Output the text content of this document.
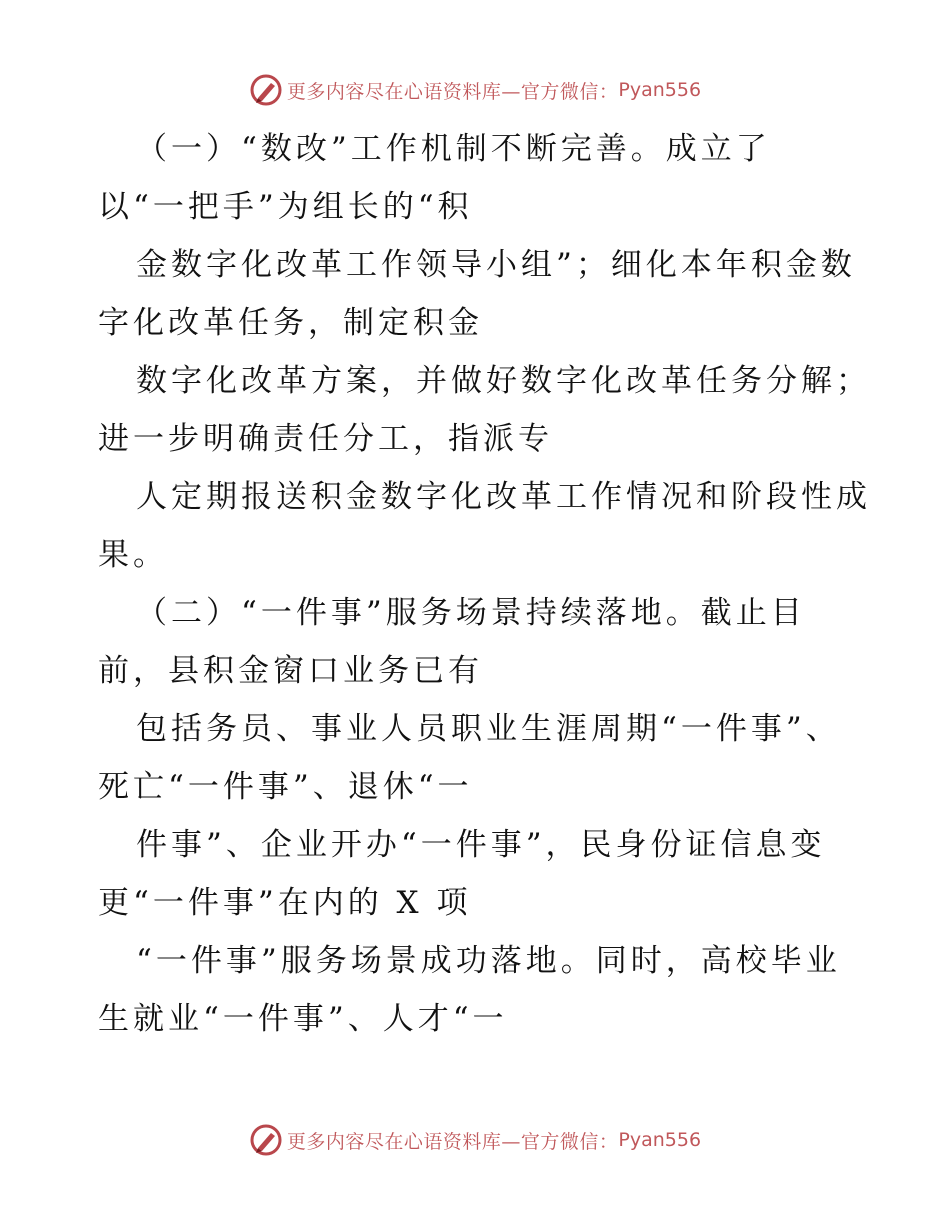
更多内容尽在心语资料库—官方微信： Pyan556
（一）“数改”工作机制不断完善。成立了
以“一把手”为组长的“积
金数字化改革工作领导小组”；细化本年积金数
字化改革任务，制定积金
数字化改革方案，并做好数字化改革任务分解；
进一步明确责任分工，指派专
人定期报送积金数字化改革工作情况和阶段性成
果。
（二）“一件事”服务场景持续落地。截止目
前，县积金窗口业务已有
包括务员、事业人员职业生涯周期“一件事”、
死亡“一件事”、退休“一
件事”、企业开办“一件事”，民身份证信息变
更“一件事”在内的 X 项
“一件事”服务场景成功落地。同时，高校毕业
生就业“一件事”、人才“一
更多内容尽在心语资料库—官方微信： Pyan556
